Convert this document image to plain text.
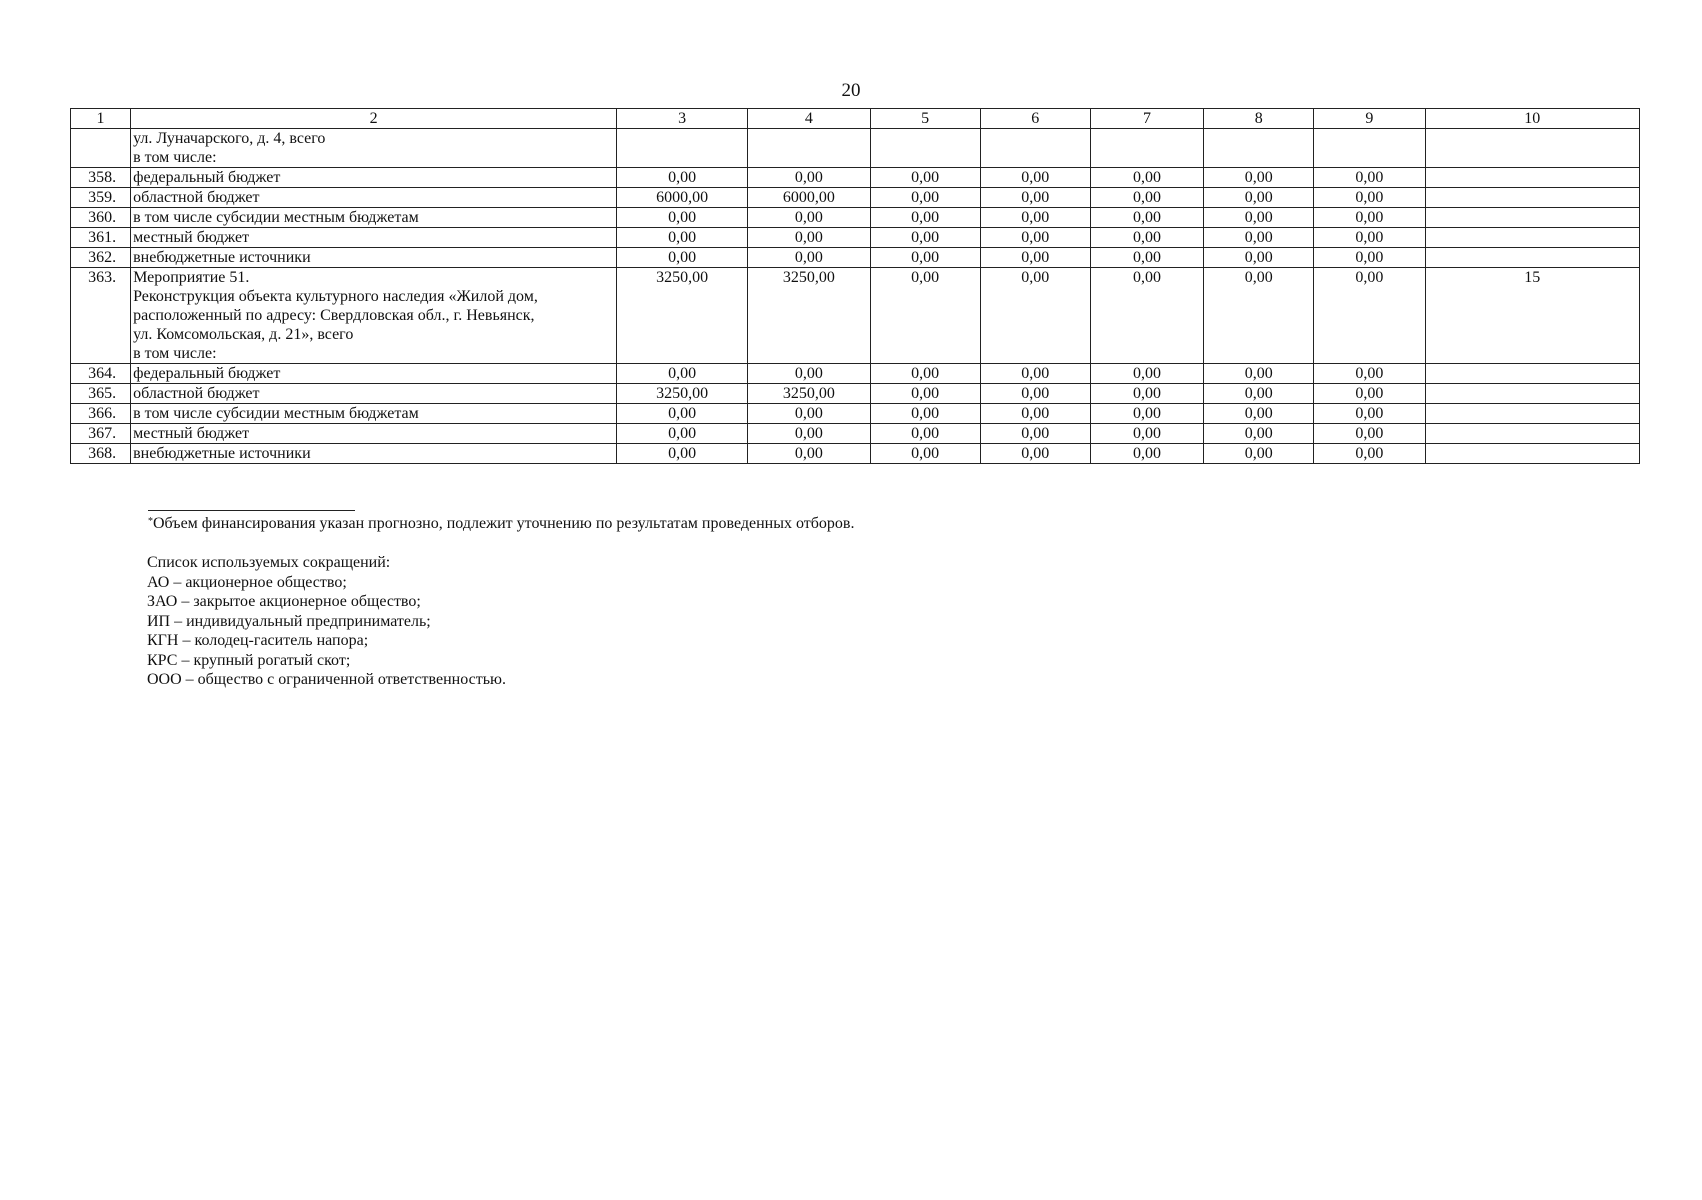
20
1	2	3	4	5	6	7	8	9	10
	ул. Луначарского, д. 4, всего
в том числе:								
358.	федеральный бюджет	0,00	0,00	0,00	0,00	0,00	0,00	0,00	
359.	областной бюджет	6000,00	6000,00	0,00	0,00	0,00	0,00	0,00	
360.	в том числе субсидии местным бюджетам	0,00	0,00	0,00	0,00	0,00	0,00	0,00	
361.	местный бюджет	0,00	0,00	0,00	0,00	0,00	0,00	0,00	
362.	внебюджетные источники	0,00	0,00	0,00	0,00	0,00	0,00	0,00	
363.	Мероприятие 51.
Реконструкция объекта культурного наследия «Жилой дом,
расположенный по адресу: Свердловская обл., г. Невьянск,
ул. Комсомольская, д. 21», всего
в том числе:	3250,00	3250,00	0,00	0,00	0,00	0,00	0,00	15
364.	федеральный бюджет	0,00	0,00	0,00	0,00	0,00	0,00	0,00	
365.	областной бюджет	3250,00	3250,00	0,00	0,00	0,00	0,00	0,00	
366.	в том числе субсидии местным бюджетам	0,00	0,00	0,00	0,00	0,00	0,00	0,00	
367.	местный бюджет	0,00	0,00	0,00	0,00	0,00	0,00	0,00	
368.	внебюджетные источники	0,00	0,00	0,00	0,00	0,00	0,00	0,00	
*Объем финансирования указан прогнозно, подлежит уточнению по результатам проведенных отборов.
Список используемых сокращений:
АО – акционерное общество;
ЗАО – закрытое акционерное общество;
ИП – индивидуальный предприниматель;
КГН – колодец-гаситель напора;
КРС – крупный рогатый скот;
ООО – общество с ограниченной ответственностью.
